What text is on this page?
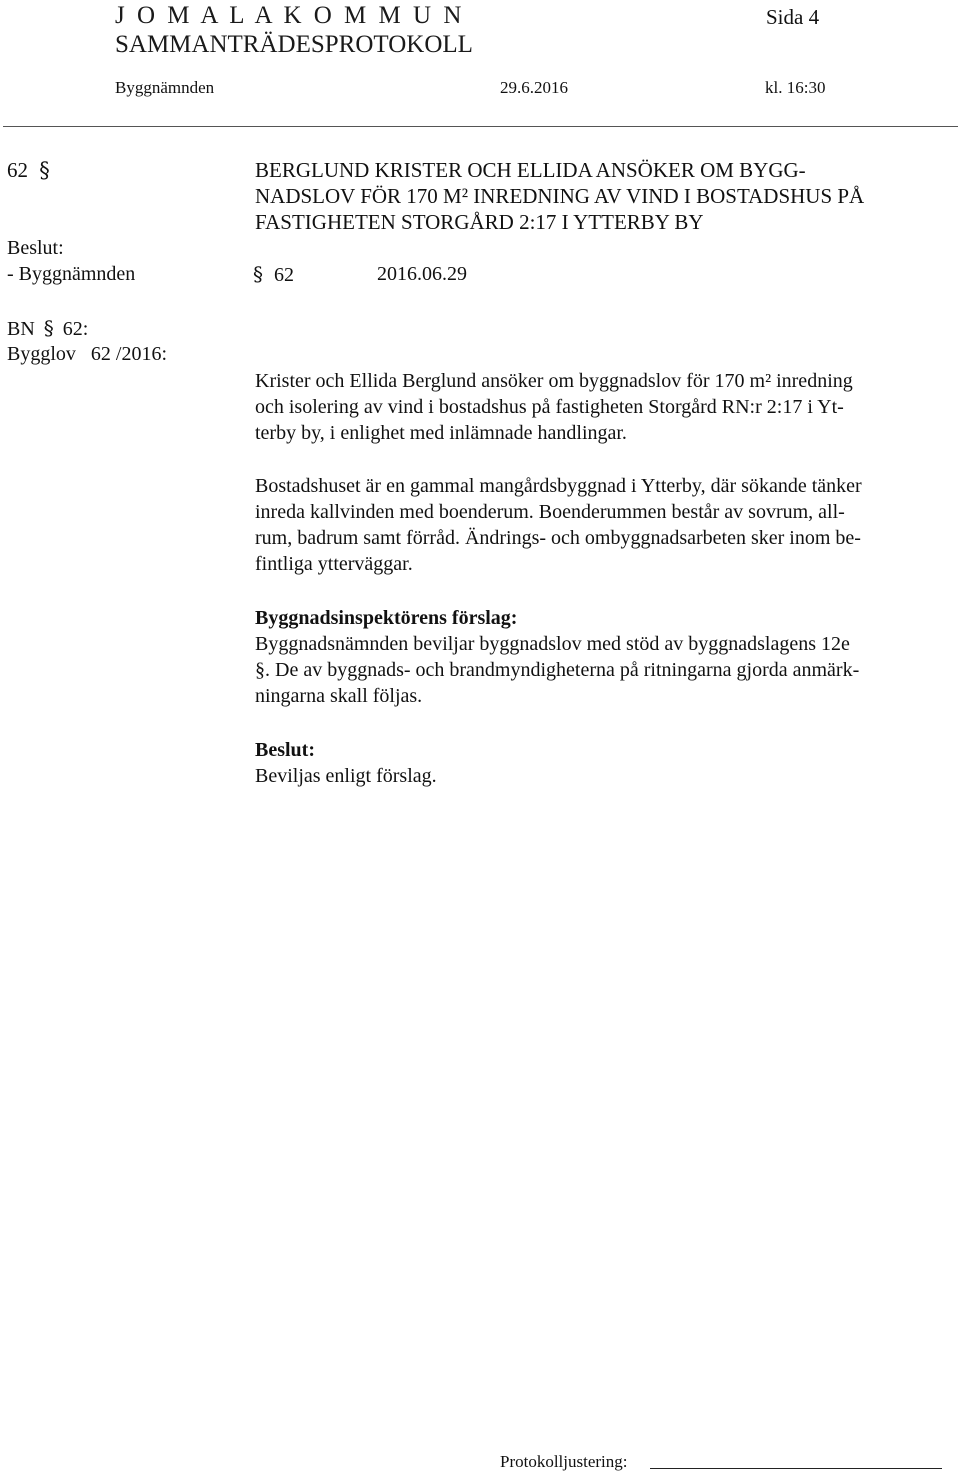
J O M A L A K O M M U N	Sida 4
SAMMANTRÄDESPROTOKOLL
Byggnämnden	29.6.2016	kl. 16:30
62 §	BERGLUND KRISTER OCH ELLIDA ANSÖKER OM BYGG-
NADSLOV FÖR 170 M² INREDNING AV VIND I BOSTADSHUS PÅ
FASTIGHETEN STORGÅRD 2:17 I YTTERBY BY
Beslut:
- Byggnämnden	§ 62	2016.06.29
BN § 62:
Bygglov 62 /2016:
Krister och Ellida Berglund ansöker om byggnadslov för 170 m² inredning
och isolering av vind i bostadshus på fastigheten Storgård RN:r 2:17 i Yt-
terby by, i enlighet med inlämnade handlingar.
Bostadshuset är en gammal mangårdsbyggnad i Ytterby, där sökande tänker
inreda kallvinden med boenderum. Boenderummen består av sovrum, all-
rum, badrum samt förråd. Ändrings- och ombyggnadsarbeten sker inom be-
fintliga ytterväggar.
Byggnadsinspektörens förslag:
Byggnadsnämnden beviljar byggnadslov med stöd av byggnadslagens 12e
§. De av byggnads- och brandmyndigheterna på ritningarna gjorda anmärk-
ningarna skall följas.
Beslut:
Beviljas enligt förslag.
Protokolljustering:
